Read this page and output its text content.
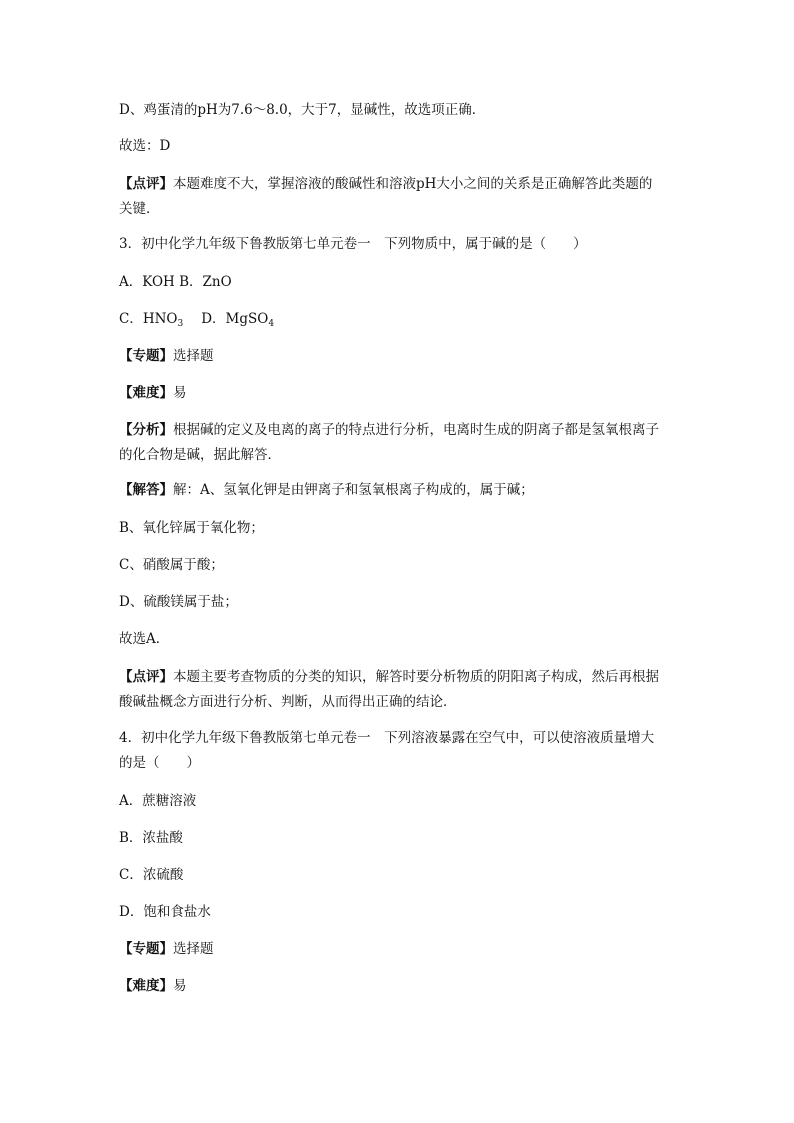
D、鸡蛋清的pH为7.6～8.0，大于7，显碱性，故选项正确．
故选：D
【点评】本题难度不大，掌握溶液的酸碱性和溶液pH大小之间的关系是正确解答此类题的
关键．
3．初中化学九年级下鲁教版第七单元卷一　下列物质中，属于碱的是（　　）
A．KOH B．ZnO
C．$HNO_3$ D．MgSO$_4$
【专题】选择题
【难度】易
【分析】根据碱的定义及电离的离子的特点进行分析，电离时生成的阴离子都是氢氧根离子
的化合物是碱，据此解答．
【解答】解：A、氢氧化钾是由钾离子和氢氧根离子构成的，属于碱；
B、氧化锌属于氧化物；
C、硝酸属于酸；
D、硫酸镁属于盐；
故选A．
【点评】本题主要考查物质的分类的知识，解答时要分析物质的阴阳离子构成，然后再根据
酸碱盐概念方面进行分析、判断，从而得出正确的结论．
4．初中化学九年级下鲁教版第七单元卷一　下列溶液暴露在空气中，可以使溶液质量增大
的是（　　）
A．蔗糖溶液
B．浓盐酸
C．浓硫酸
D．饱和食盐水
【专题】选择题
【难度】易
